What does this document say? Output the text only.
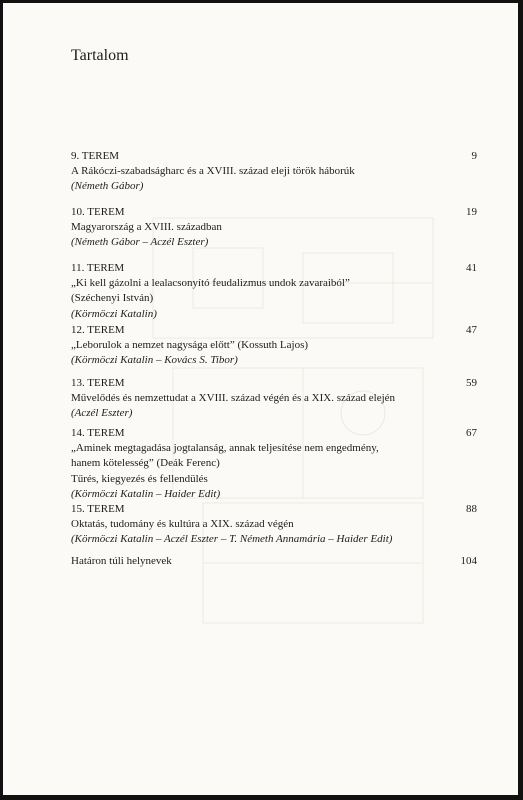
Tartalom
9. TEREM
A Rákóczi-szabadságharc és a XVIII. század eleji török háborúk
(Németh Gábor)
9
10. TEREM
Magyarország a XVIII. században
(Németh Gábor – Aczél Eszter)
19
11. TEREM
„Ki kell gázolni a lealacsonyító feudalizmus undok zavaraiból”
(Széchenyi István)
(Körmöczi Katalin)
41
12. TEREM
„Leborulok a nemzet nagysága előtt” (Kossuth Lajos)
(Körmöczi Katalin – Kovács S. Tibor)
47
13. TEREM
Művelődés és nemzettudat a XVIII. század végén és a XIX. század elején
(Aczél Eszter)
59
14. TEREM
„Aminek megtagadása jogtalanság, annak teljesítése nem engedmény,
hanem kötelesség” (Deák Ferenc)
Tűrés, kiegyezés és fellendülés
(Körmöczi Katalin – Haider Edit)
67
15. TEREM
Oktatás, tudomány és kultúra a XIX. század végén
(Körmöczi Katalin – Aczél Eszter – T. Németh Annamária – Haider Edit)
88
Határon túli helynevek	104
